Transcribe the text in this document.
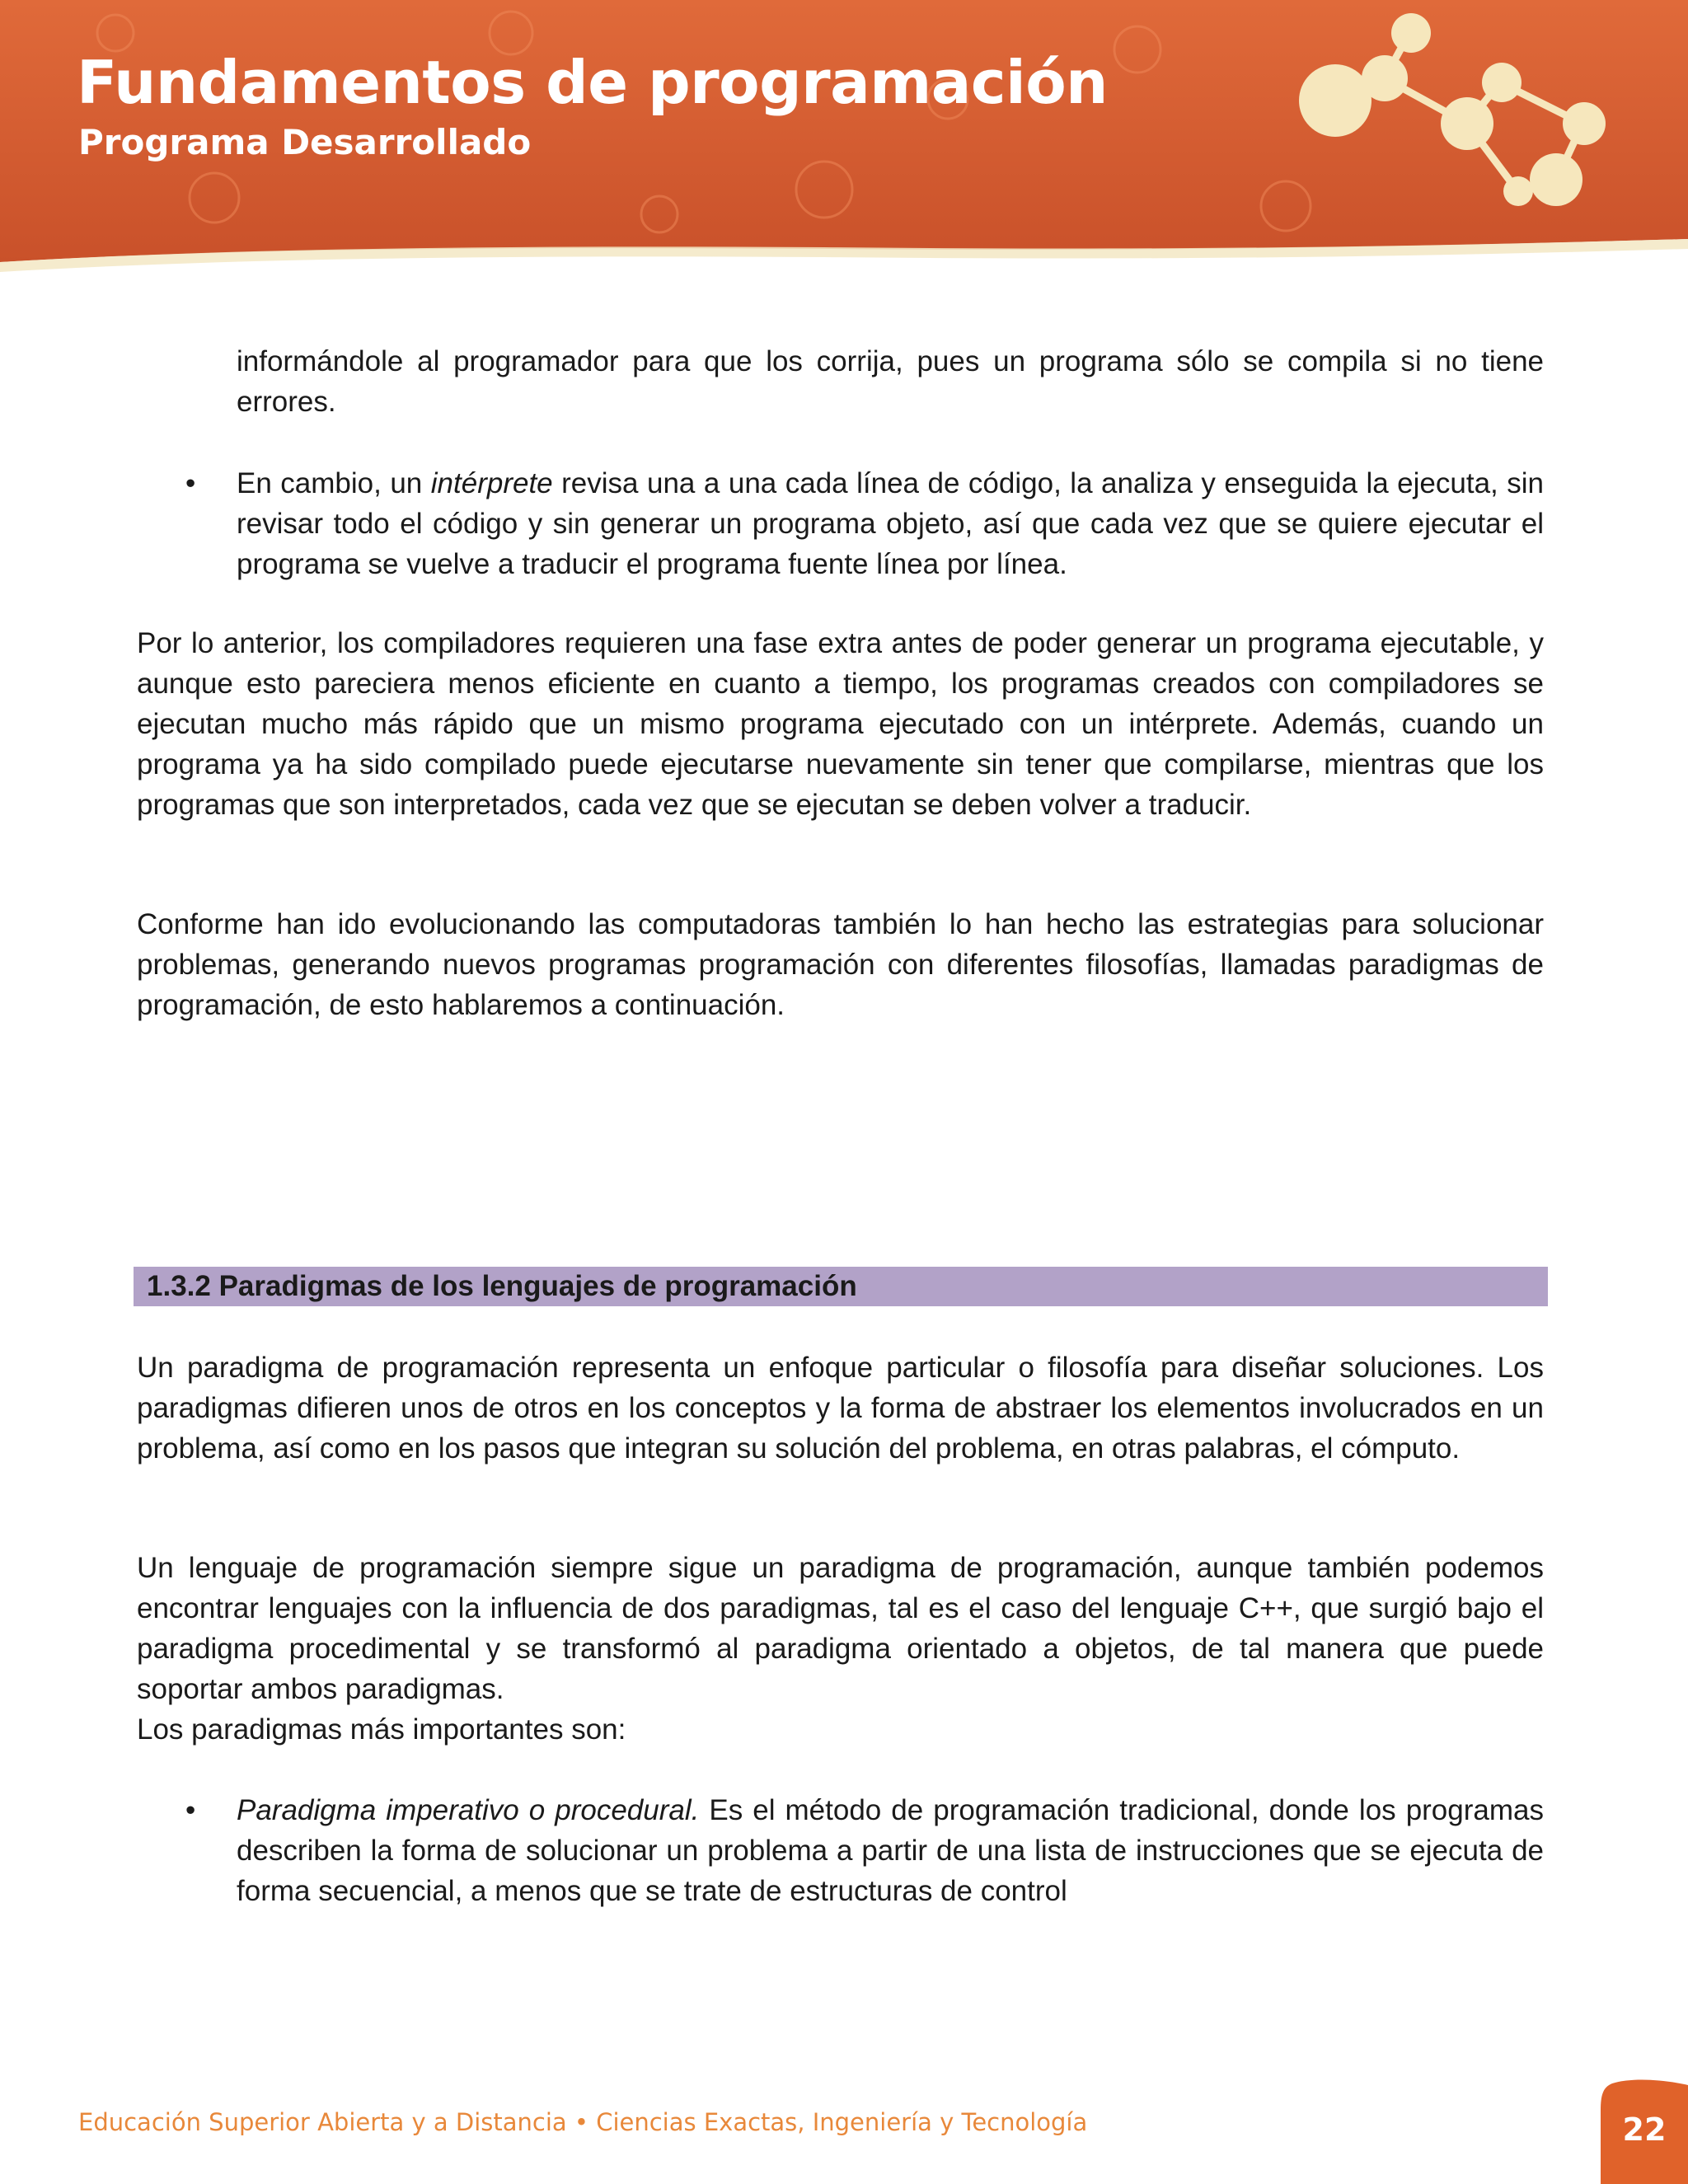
Fundamentos de programación
Programa Desarrollado

informándole al programador para que los corrija, pues un programa sólo se compila si no tiene errores.

• En cambio, un intérprete revisa una a una cada línea de código, la analiza y enseguida la ejecuta, sin revisar todo el código y sin generar un programa objeto, así que cada vez que se quiere ejecutar el programa se vuelve a traducir el programa fuente línea por línea.

Por lo anterior, los compiladores requieren una fase extra antes de poder generar un programa ejecutable, y aunque esto pareciera menos eficiente en cuanto a tiempo, los programas creados con compiladores se ejecutan mucho más rápido que un mismo programa ejecutado con un intérprete. Además, cuando un programa ya ha sido compilado puede ejecutarse nuevamente sin tener que compilarse, mientras que los programas que son interpretados, cada vez que se ejecutan se deben volver a traducir.

Conforme han ido evolucionando las computadoras también lo han hecho las estrategias para solucionar problemas, generando nuevos programas programación con diferentes filosofías, llamadas paradigmas de programación, de esto hablaremos a continuación.

1.3.2 Paradigmas de los lenguajes de programación

Un paradigma de programación representa un enfoque particular o filosofía para diseñar soluciones. Los paradigmas difieren unos de otros en los conceptos y la forma de abstraer los elementos involucrados en un problema, así como en los pasos que integran su solución del problema, en otras palabras, el cómputo.

Un lenguaje de programación siempre sigue un paradigma de programación, aunque también podemos encontrar lenguajes con la influencia de dos paradigmas, tal es el caso del lenguaje C++, que surgió bajo el paradigma procedimental y se transformó al paradigma orientado a objetos, de tal manera que puede soportar ambos paradigmas.

Los paradigmas más importantes son:

• Paradigma imperativo o procedural. Es el método de programación tradicional, donde los programas describen la forma de solucionar un problema a partir de una lista de instrucciones que se ejecuta de forma secuencial, a menos que se trate de estructuras de control

Educación Superior Abierta y a Distancia • Ciencias Exactas, Ingeniería y Tecnología	22
